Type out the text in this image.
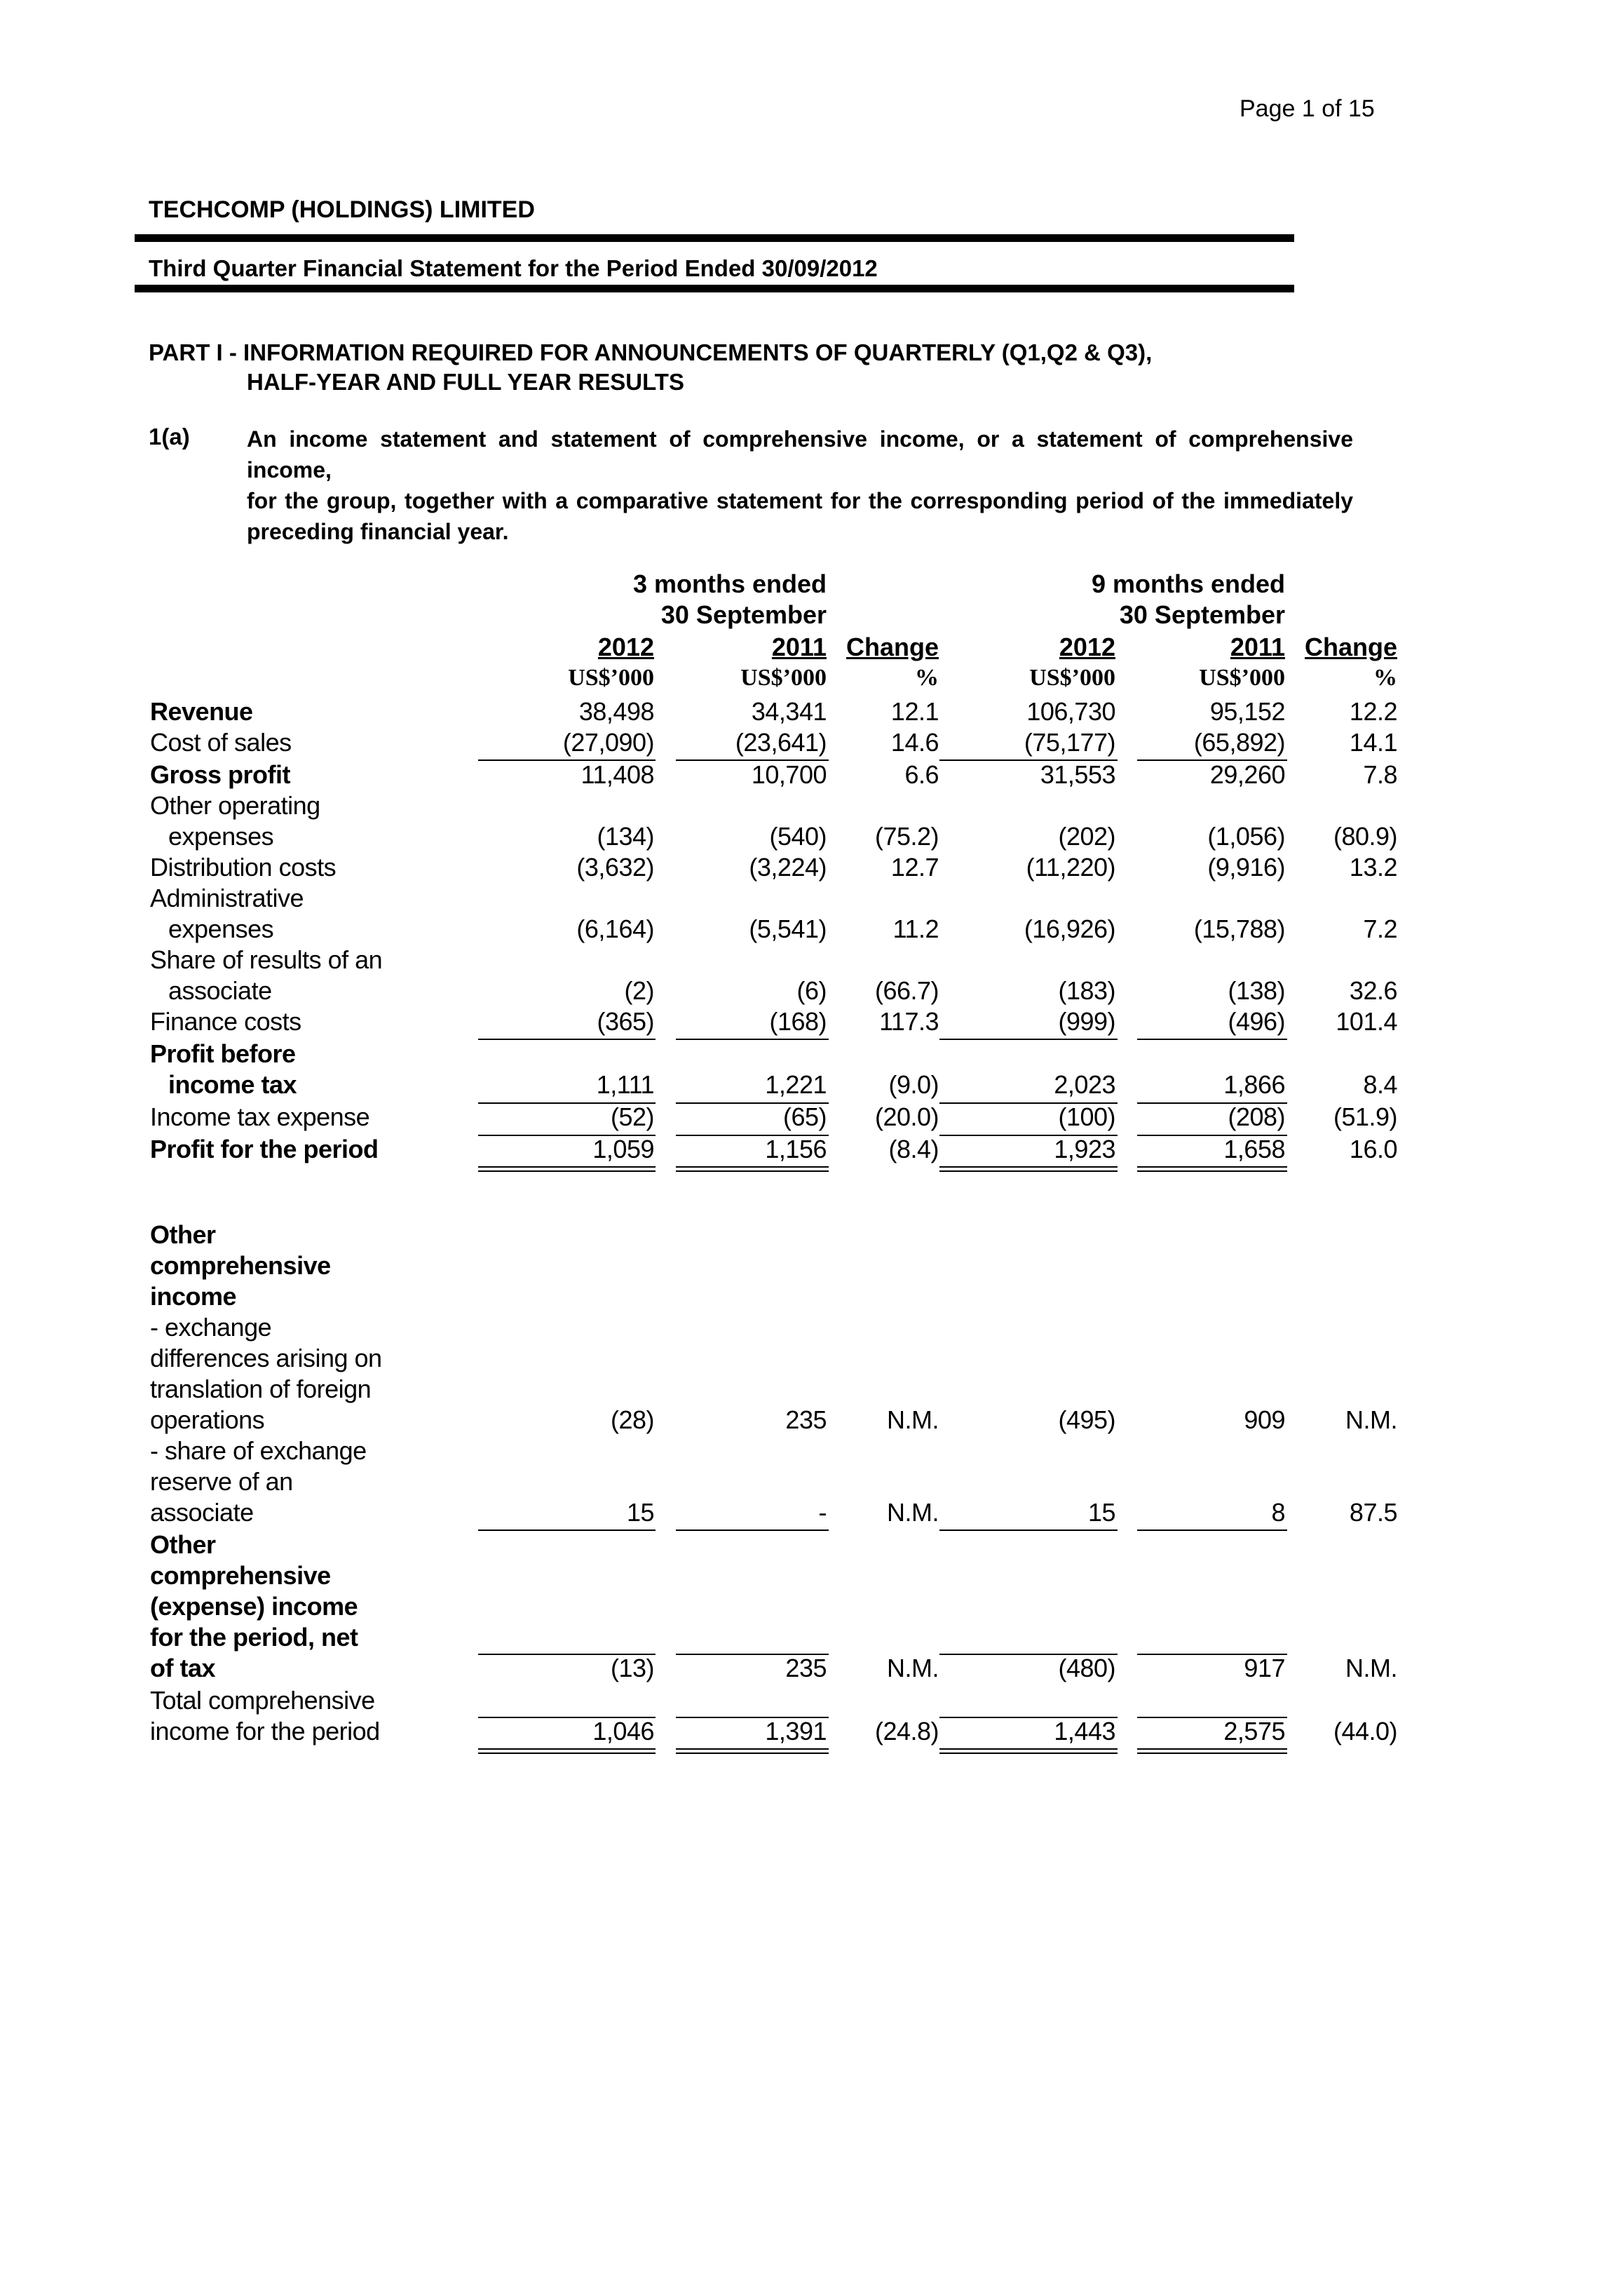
Page 1 of 15
TECHCOMP (HOLDINGS) LIMITED
Third Quarter Financial Statement for the Period Ended 30/09/2012
PART I - INFORMATION REQUIRED FOR ANNOUNCEMENTS OF QUARTERLY (Q1,Q2 & Q3),
HALF-YEAR AND FULL YEAR RESULTS
1(a)	An income statement and statement of comprehensive income, or a statement of comprehensive income,
for the group, together with a comparative statement for the corresponding period of the immediately
preceding financial year.
3 months ended
30 September
9 months ended
30 September
2012	2011 Change	2012	2011 Change
US$’000	US$’000	%	US$’000	US$’000	%
Revenue	38,498	34,341	12.1	106,730	95,152	12.2
Cost of sales	(27,090)	(23,641)	14.6	(75,177)	(65,892)	14.1
Gross profit	11,408	10,700	6.6	31,553	29,260	7.8
Other operating
expenses	(134)	(540) (75.2)	(202)	(1,056) (80.9)
Distribution costs	(3,632)	(3,224)	12.7	(11,220)	(9,916)	13.2
Administrative
expenses	(6,164)	(5,541)	11.2	(16,926)	(15,788)	7.2
Share of results of an
associate	(2)	(6) (66.7)	(183)	(138)	32.6
Finance costs	(365)	(168) 117.3	(999)	(496) 101.4
Profit before
income tax	1,111	1,221 (9.0)	2,023	1,866	8.4
Income tax expense	(52)	(65) (20.0)	(100)	(208) (51.9)
Profit for the period	1,059	1,156 (8.4)	1,923	1,658	16.0
Other
comprehensive
income
- exchange
differences arising on
translation of foreign
operations	(28)	235 N.M.	(495)	909 N.M.
- share of exchange
reserve of an
associate	15	- N.M.	15	8	87.5
Other
comprehensive
(expense) income
for the period, net
of tax	(13)	235 N.M.	(480)	917 N.M.
Total comprehensive
income for the period	1,046	1,391 (24.8)	1,443	2,575 (44.0)
